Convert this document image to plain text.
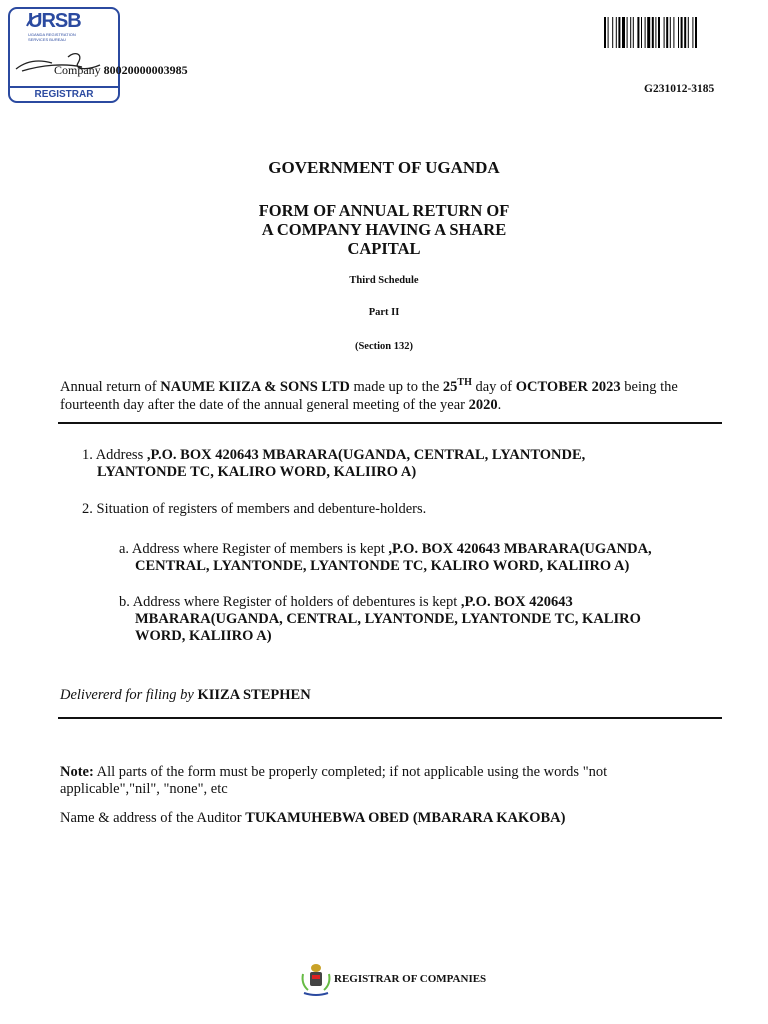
URSB
UGANDA REGISTRATION SERVICES BUREAU
REGISTRAR
Company 80020000003985
G231012-3185
GOVERNMENT OF UGANDA
FORM OF ANNUAL RETURN OF
A COMPANY HAVING A SHARE
CAPITAL
Third Schedule
Part II
(Section 132)
Annual return of NAUME KIIZA & SONS LTD made up to the 25TH day of OCTOBER 2023 being the fourteenth day after the date of the annual general meeting of the year 2020.
1. Address ,P.O. BOX 420643 MBARARA(UGANDA, CENTRAL, LYANTONDE,
LYANTONDE TC, KALIRO WORD, KALIIRO A)
2. Situation of registers of members and debenture-holders.
a. Address where Register of members is kept ,P.O. BOX 420643 MBARARA(UGANDA,
CENTRAL, LYANTONDE, LYANTONDE TC, KALIRO WORD, KALIIRO A)
b. Address where Register of holders of debentures is kept ,P.O. BOX 420643
MBARARA(UGANDA, CENTRAL, LYANTONDE, LYANTONDE TC, KALIRO
WORD, KALIIRO A)
Delivererd for filing by KIIZA STEPHEN
Note: All parts of the form must be properly completed; if not applicable using the words "not
applicable","nil", "none", etc
Name & address of the Auditor TUKAMUHEBWA OBED (MBARARA KAKOBA)
REGISTRAR OF COMPANIES
